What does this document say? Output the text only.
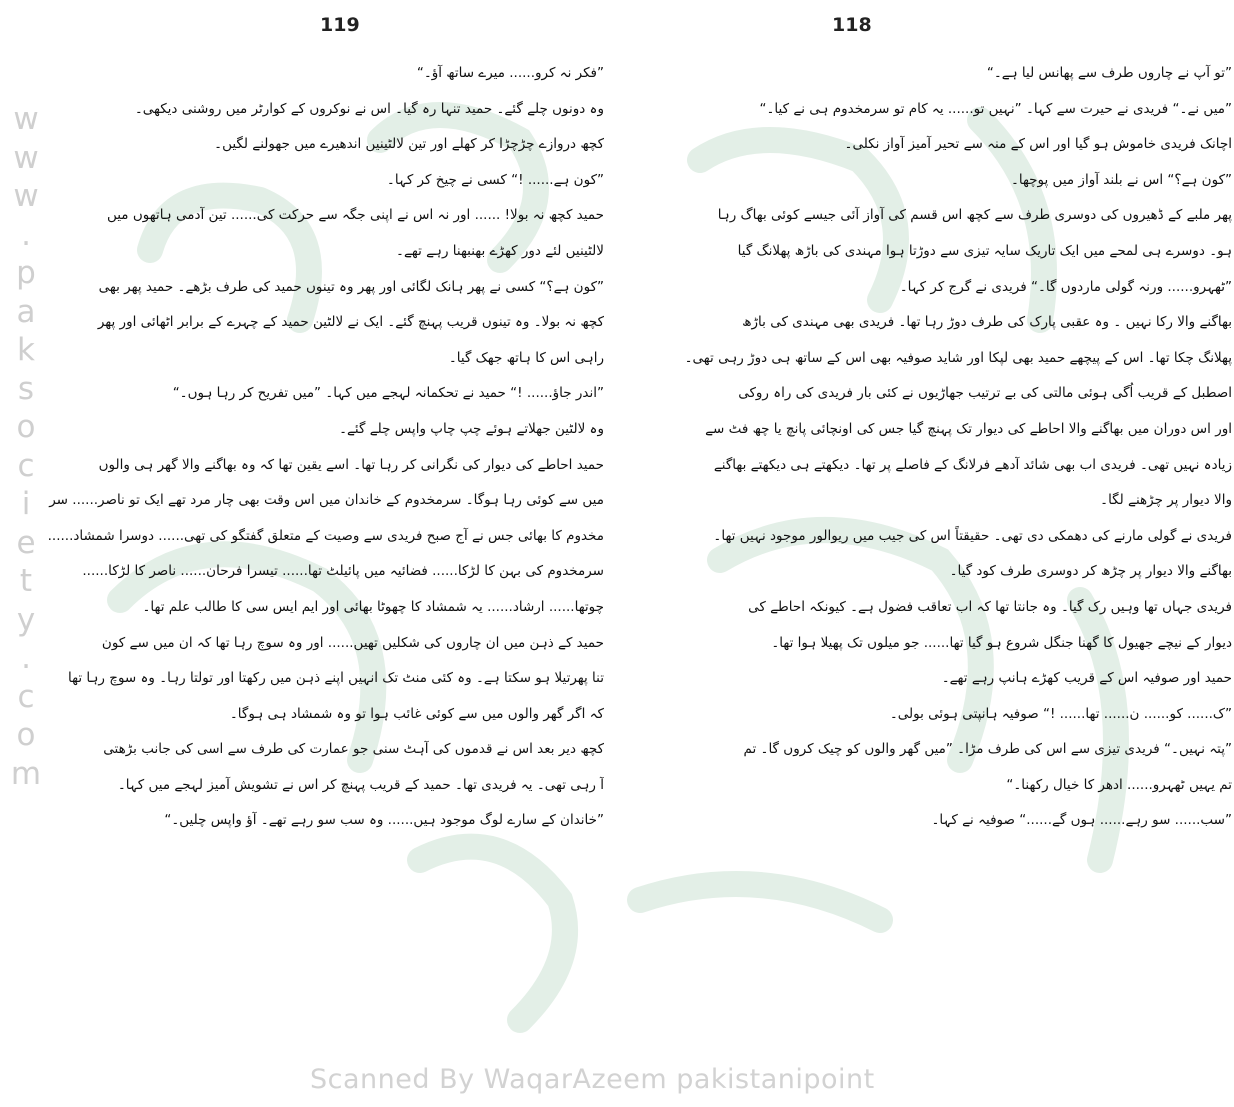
w
w
w
.
p
a
k
s
o
c
i
e
t
y
.
c
o
m
119	118
”فکر نہ کرو...... میرے ساتھ آؤ۔“
وہ دونوں چلے گئے۔ حمید تنہا رہ گیا۔ اس نے نوکروں کے کوارٹر میں روشنی دیکھی۔
کچھ دروازے چڑچڑا کر کھلے اور تین لالٹینیں اندھیرے میں جھولنے لگیں۔
”کون ہے...... !“ کسی نے چیخ کر کہا۔
حمید کچھ نہ بولا! ...... اور نہ اس نے اپنی جگہ سے حرکت کی...... تین آدمی ہاتھوں میں
لالٹینیں لئے دور کھڑے بھنبھنا رہے تھے۔
”کون ہے؟“ کسی نے پھر ہانک لگائی اور پھر وہ تینوں حمید کی طرف بڑھے۔ حمید پھر بھی
کچھ نہ بولا۔ وہ تینوں قریب پہنچ گئے۔ ایک نے لالٹین حمید کے چہرے کے برابر اٹھائی اور پھر
راہی اس کا ہاتھ جھک گیا۔
”اندر جاؤ...... !“ حمید نے تحکمانہ لہجے میں کہا۔ ”میں تفریح کر رہا ہوں۔“
وہ لالٹین جھلاتے ہوئے چپ چاپ واپس چلے گئے۔
حمید احاطے کی دیوار کی نگرانی کر رہا تھا۔ اسے یقین تھا کہ وہ بھاگنے والا گھر ہی والوں
میں سے کوئی رہا ہوگا۔ سرمخدوم کے خاندان میں اس وقت بھی چار مرد تھے ایک تو ناصر...... سر
مخدوم کا بھائی جس نے آج صبح فریدی سے وصیت کے متعلق گفتگو کی تھی...... دوسرا شمشاد......
سرمخدوم کی بہن کا لڑکا...... فضائیہ میں پائیلٹ تھا...... تیسرا فرحان...... ناصر کا لڑکا......
چوتھا...... ارشاد...... یہ شمشاد کا چھوٹا بھائی اور ایم ایس سی کا طالب علم تھا۔
حمید کے ذہن میں ان چاروں کی شکلیں تھیں...... اور وہ سوچ رہا تھا کہ ان میں سے کون
تنا پھرتیلا ہو سکتا ہے۔ وہ کئی منٹ تک انہیں اپنے ذہن میں رکھتا اور تولتا رہا۔ وہ سوچ رہا تھا
کہ اگر گھر والوں میں سے کوئی غائب ہوا تو وہ شمشاد ہی ہوگا۔
کچھ دیر بعد اس نے قدموں کی آہٹ سنی جو عمارت کی طرف سے اسی کی جانب بڑھتی
آ رہی تھی۔ یہ فریدی تھا۔ حمید کے قریب پہنچ کر اس نے تشویش آمیز لہجے میں کہا۔
”خاندان کے سارے لوگ موجود ہیں...... وہ سب سو رہے تھے۔ آؤ واپس چلیں۔“
”تو آپ نے چاروں طرف سے پھانس لیا ہے۔“
”میں نے۔“ فریدی نے حیرت سے کہا۔ ”نہیں تو...... یہ کام تو سرمخدوم ہی نے کیا۔“
اچانک فریدی خاموش ہو گیا اور اس کے منہ سے تحیر آمیز آواز نکلی۔
”کون ہے؟“ اس نے بلند آواز میں پوچھا۔
پھر ملبے کے ڈھیروں کی دوسری طرف سے کچھ اس قسم کی آواز آئی جیسے کوئی بھاگ رہا
ہو۔ دوسرے ہی لمحے میں ایک تاریک سایہ تیزی سے دوڑتا ہوا مہندی کی باڑھ پھلانگ گیا
”ٹھہرو...... ورنہ گولی ماردوں گا۔“ فریدی نے گرج کر کہا۔
بھاگنے والا رکا نہیں ۔ وہ عقبی پارک کی طرف دوڑ رہا تھا۔ فریدی بھی مہندی کی باڑھ
پھلانگ چکا تھا۔ اس کے پیچھے حمید بھی لپکا اور شاید صوفیہ بھی اس کے ساتھ ہی دوڑ رہی تھی۔
اصطبل کے قریب اُگی ہوئی مالتی کی بے ترتیب جھاڑیوں نے کئی بار فریدی کی راہ روکی
اور اس دوران میں بھاگنے والا احاطے کی دیوار تک پہنچ گیا جس کی اونچائی پانچ یا چھ فٹ سے
زیادہ نہیں تھی۔ فریدی اب بھی شائد آدھے فرلانگ کے فاصلے پر تھا۔ دیکھتے ہی دیکھتے بھاگنے
والا دیوار پر چڑھنے لگا۔
فریدی نے گولی مارنے کی دھمکی دی تھی۔ حقیقتاً اس کی جیب میں ریوالور موجود نہیں تھا۔
بھاگنے والا دیوار پر چڑھ کر دوسری طرف کود گیا۔
فریدی جہاں تھا وہیں رک گیا۔ وہ جانتا تھا کہ اب تعاقب فضول ہے۔ کیونکہ احاطے کی
دیوار کے نیچے جھیول کا گھنا جنگل شروع ہو گیا تھا...... جو میلوں تک پھیلا ہوا تھا۔
حمید اور صوفیہ اس کے قریب کھڑے ہانپ رہے تھے۔
”ک...... کو...... ن...... تھا...... !“ صوفیہ ہانپتی ہوئی بولی۔
”پتہ نہیں۔“ فریدی تیزی سے اس کی طرف مڑا۔ ”میں گھر والوں کو چیک کروں گا۔ تم
تم یہیں ٹھہرو...... ادھر کا خیال رکھنا۔“
”سب...... سو رہے...... ہوں گے......“ صوفیہ نے کہا۔
Scanned By WaqarAzeem pakistanipoint
